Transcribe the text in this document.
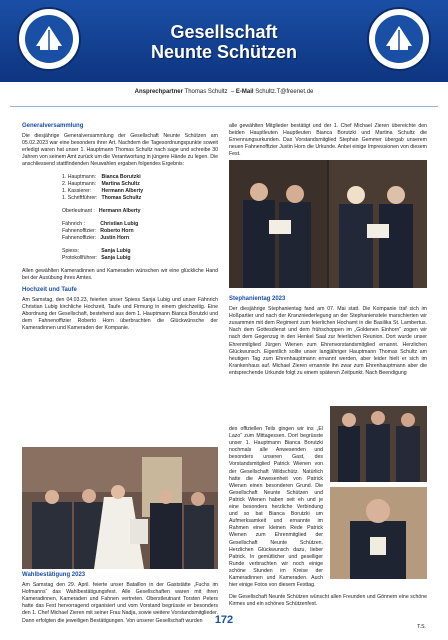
Gesellschaft
Neunte Schützen
Ansprechpartner Thomas Schultz  – E-Mail Schultz.T@freenet.de
Generalversammlung

Die diesjährige Generalversammlung der Gesellschaft Neunte Schützen am 05.02.2023 war eine besonders ihrer Art. Nachdem die Tagesordnungspunkte soweit erledigt waren hat unser 1. Hauptmann Thomas Schultz nach sage und schreibe 30 Jahren von seinem Amt zurück um die Verantwortung in jüngere Hände zu legen. Die anschliessend stattfindenden Neuwahlen ergaben folgendes Ergebnis:

1. Hauptmann:	Bianca Borutzki
2. Hauptmann:	Martina Schultz
1. Kassierer:	Hermann Alberty
1. Schriftführer:	Thomas Schultz
Oberleutnant :	Hermann Alberty
Fähnrich :	Christian Lubig
Fahnenoffizier:	Roberto Horn
Fahnenoffizier:	Justin Horn
Spiess:	Sanja Lubig
Protokollführer:	Sanja Lubig

Allen gewählten Kameradinnen und Kameraden wünschen wir eine glückliche Hand bei der Ausübung ihres Amtes.

Hochzeit und Taufe

Am Samstag, den 04.03.23, feierten unser Spiess Sanja Lubig und unser Fähnrich Christian Lubig kirchliche Hochzeit, Taufe und Firmung in einem gleichzeitig. Eine Abordnung der Gesellschaft, bestehend aus dem 1. Hauptmann Bianca Borutzki und dem Fahnenoffizier Roberto Horn überbrachten die Glückwünsche der Kameradinnen und Kameraden der Kompanie.

Wahlbestätigung 2023

Am Samstag den 29. April. feierte unser Bataillon in der Gaststätte „Fuchs im Hofmanns“ das Wahlbestätigungsfest. Alle Gesellschaften waren mit ihren Kameradinnen, Kameraden und Fahnen vertreten. Oberstleutnant Torsten Peters hatte das Fest hervorragend organisiert und vom Vorstand begrüsste er besonders den 1. Chef Michael Zieren mit seiner Frau Nadja, sowie weitere Vorstandsmitglieder. Dann erfolgten die jeweiligen Bestätigungen. Von unserer Gesellschaft wurden

alle gewählten Mitglieder bestätigt und der 1. Chef Michael Zieren übereichte den beiden Hauptleuten Hauptleuten Bianca Borutzki und Martina Schultz die Ernennungsurkunden. Das Vorstandsmitglied Stephan Gemmer übergab unserem neuen Fahnenoffizier Justin Horn die Urkunde. Anbei einige Impressionen von diesem Fest.

Stephanientag 2023

Der diesjährige Stephanientag fand am 07. Mai statt. Die Kompanie traf sich im Hoßpartier und nach der Kranzniederlegung an der Stephanienstele marschierten wir zusammen mit dem Regiment zum feierlichen Hochamt in die Basilika St. Lambertus. Nach dem Gottesdienst und dem frühschoppen im „Goldenen Einhorn“ zogen wir nach dem Gegenzug in den Henkel Saal zur feierlichen Reunion. Dort wurde unser Ehrenmitglied Jürgen Wienen zum Ehrenvorstandsmitglied ernannt. Herzlichen Glückwunsch. Eigentlich sollte unser langjähriger Hauptmann Thomas Schultz am heutigen Tag zum Ehrenhauptmann ernannt werden, aber leider hielt er sich im Krankenhaus auf. Michael Zieren ernannte ihn zwar zum Ehrenhauptmann aber die entsprechende Urkunde folgt zu einem späteren Zeitpunkt. Nach Beendigung

des offiziellen Teils gingen wir ins „El Lazo“ zum Mittagessen. Dort begrüsste unser 1. Hauptmann Bianca Borutzki nochmals alle Anwesenden und besonders unseren Gast, des Vorstandsmitglied Patrick Wienen von der Gesellschaft Wildschütz. Natürlich hatte die Anwesenheit von Patrick Wienen einen besonderen Grund. Die Gesellschaft Neunte Schützen und Patrick Wienen haben seit eh und je eine besonders herzliche Verbindung und so bat Bianca Borutzki um Aufmerksamkeit und ernannte im Rahmen einer kleinen Rede Patrick Wienen zum Ehrenmitglied der Gesellschaft Neunte Schützen. Herzlichen Glückwunsch dazu, lieber Patrick. In gemütlicher und geselliger Runde verbrachten wir noch einige schöne Stunden im Kreise der Kameradinnen und Kameraden. Auch hier einige Fotos von diesem Festtag.

Die Gesellschaft Neunte Schützen wünscht allen Freunden und Gönnern eine schöne Kirmes und ein schönes Schützenfest.

T.S.
172
